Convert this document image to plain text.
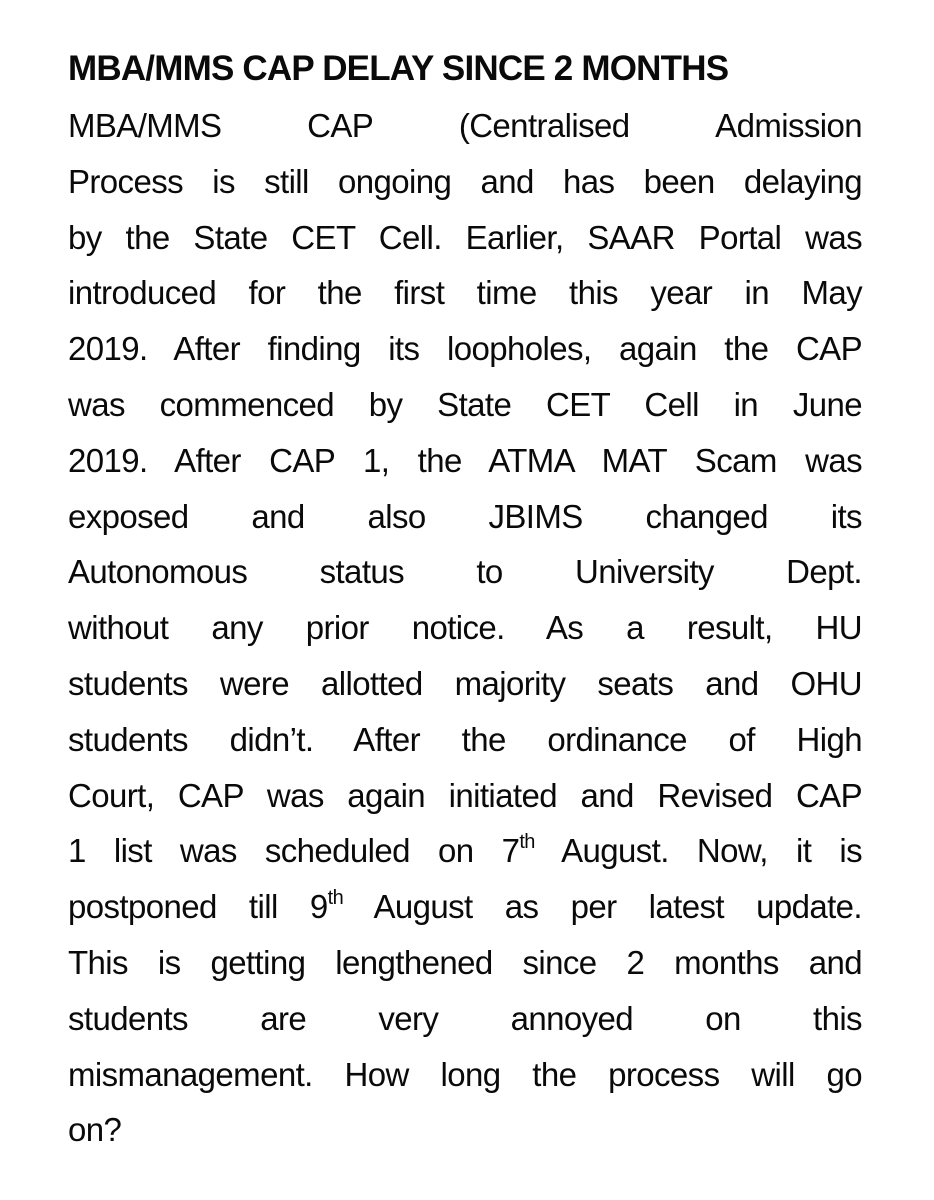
MBA/MMS CAP DELAY SINCE 2 MONTHS
MBA/MMS	CAP	(Centralised	Admission
Process is still ongoing and has been delaying
by the State CET Cell. Earlier, SAAR Portal was
introduced for the first time this year in May
2019. After finding its loopholes, again the CAP
was commenced by State CET Cell in June
2019. After CAP 1, the ATMA MAT Scam was
exposed and also JBIMS changed its
Autonomous status to University Dept.
without any prior notice. As a result, HU
students were allotted majority seats and OHU
students didn’t. After the ordinance of High
Court, CAP was again initiated and Revised CAP
1 list was scheduled on 7th August. Now, it is
postponed till 9th August as per latest update.
This is getting lengthened since 2 months and
students are very annoyed on this
mismanagement. How long the process will go
on?
